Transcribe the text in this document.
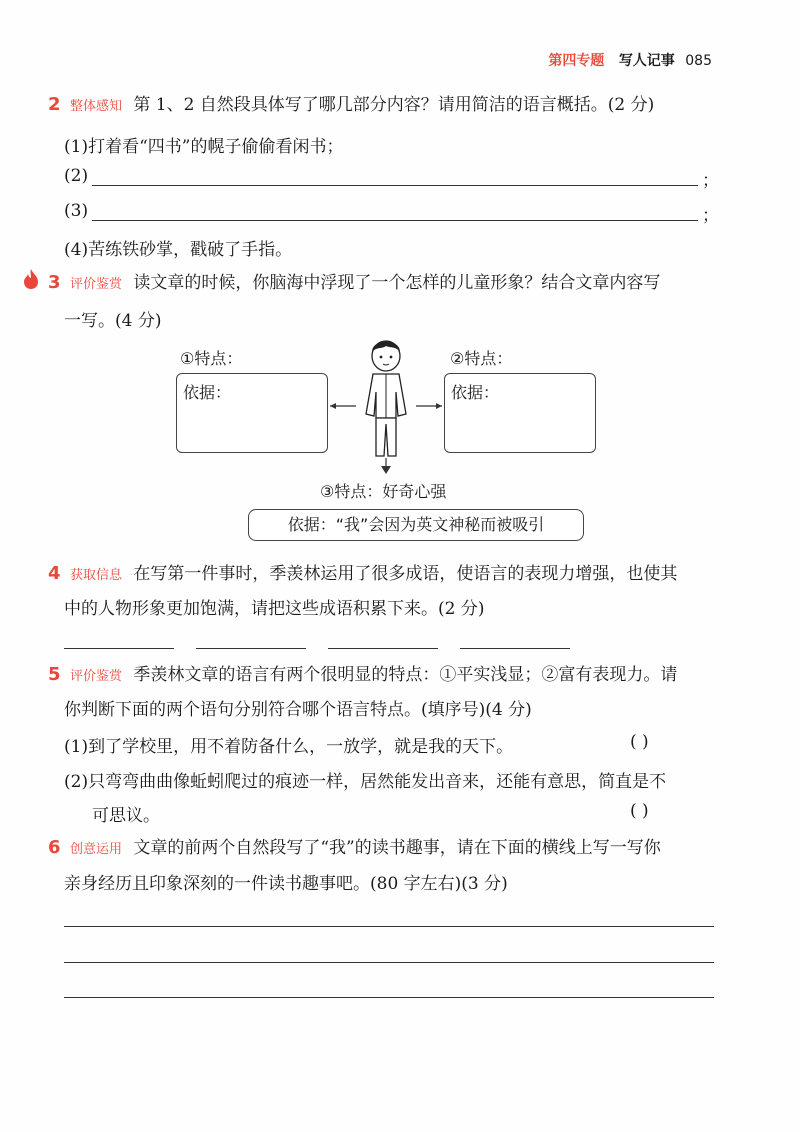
第四专题 写人记事 085
2 整体感知 第 1、2 自然段具体写了哪几部分内容？请用简洁的语言概括。(2 分)
(1)打着看“四书”的幌子偷偷看闲书；
(2)	；
(3)	；
(4)苦练铁砂掌，戳破了手指。
3 评价鉴赏 读文章的时候，你脑海中浮现了一个怎样的儿童形象？结合文章内容写
一写。(4 分)
①特点：
依据：
②特点：
依据：
③特点：好奇心强
依据：“我”会因为英文神秘而被吸引
4 获取信息 在写第一件事时，季羡林运用了很多成语，使语言的表现力增强，也使其
中的人物形象更加饱满，请把这些成语积累下来。(2 分)
5 评价鉴赏 季羡林文章的语言有两个很明显的特点：①平实浅显；②富有表现力。请
你判断下面的两个语句分别符合哪个语言特点。(填序号)(4 分)
(1)到了学校里，用不着防备什么，一放学，就是我的天下。	( )
(2)只弯弯曲曲像蚯蚓爬过的痕迹一样，居然能发出音来，还能有意思，简直是不
可思议。	( )
6 创意运用 文章的前两个自然段写了“我”的读书趣事，请在下面的横线上写一写你
亲身经历且印象深刻的一件读书趣事吧。(80 字左右)(3 分)
